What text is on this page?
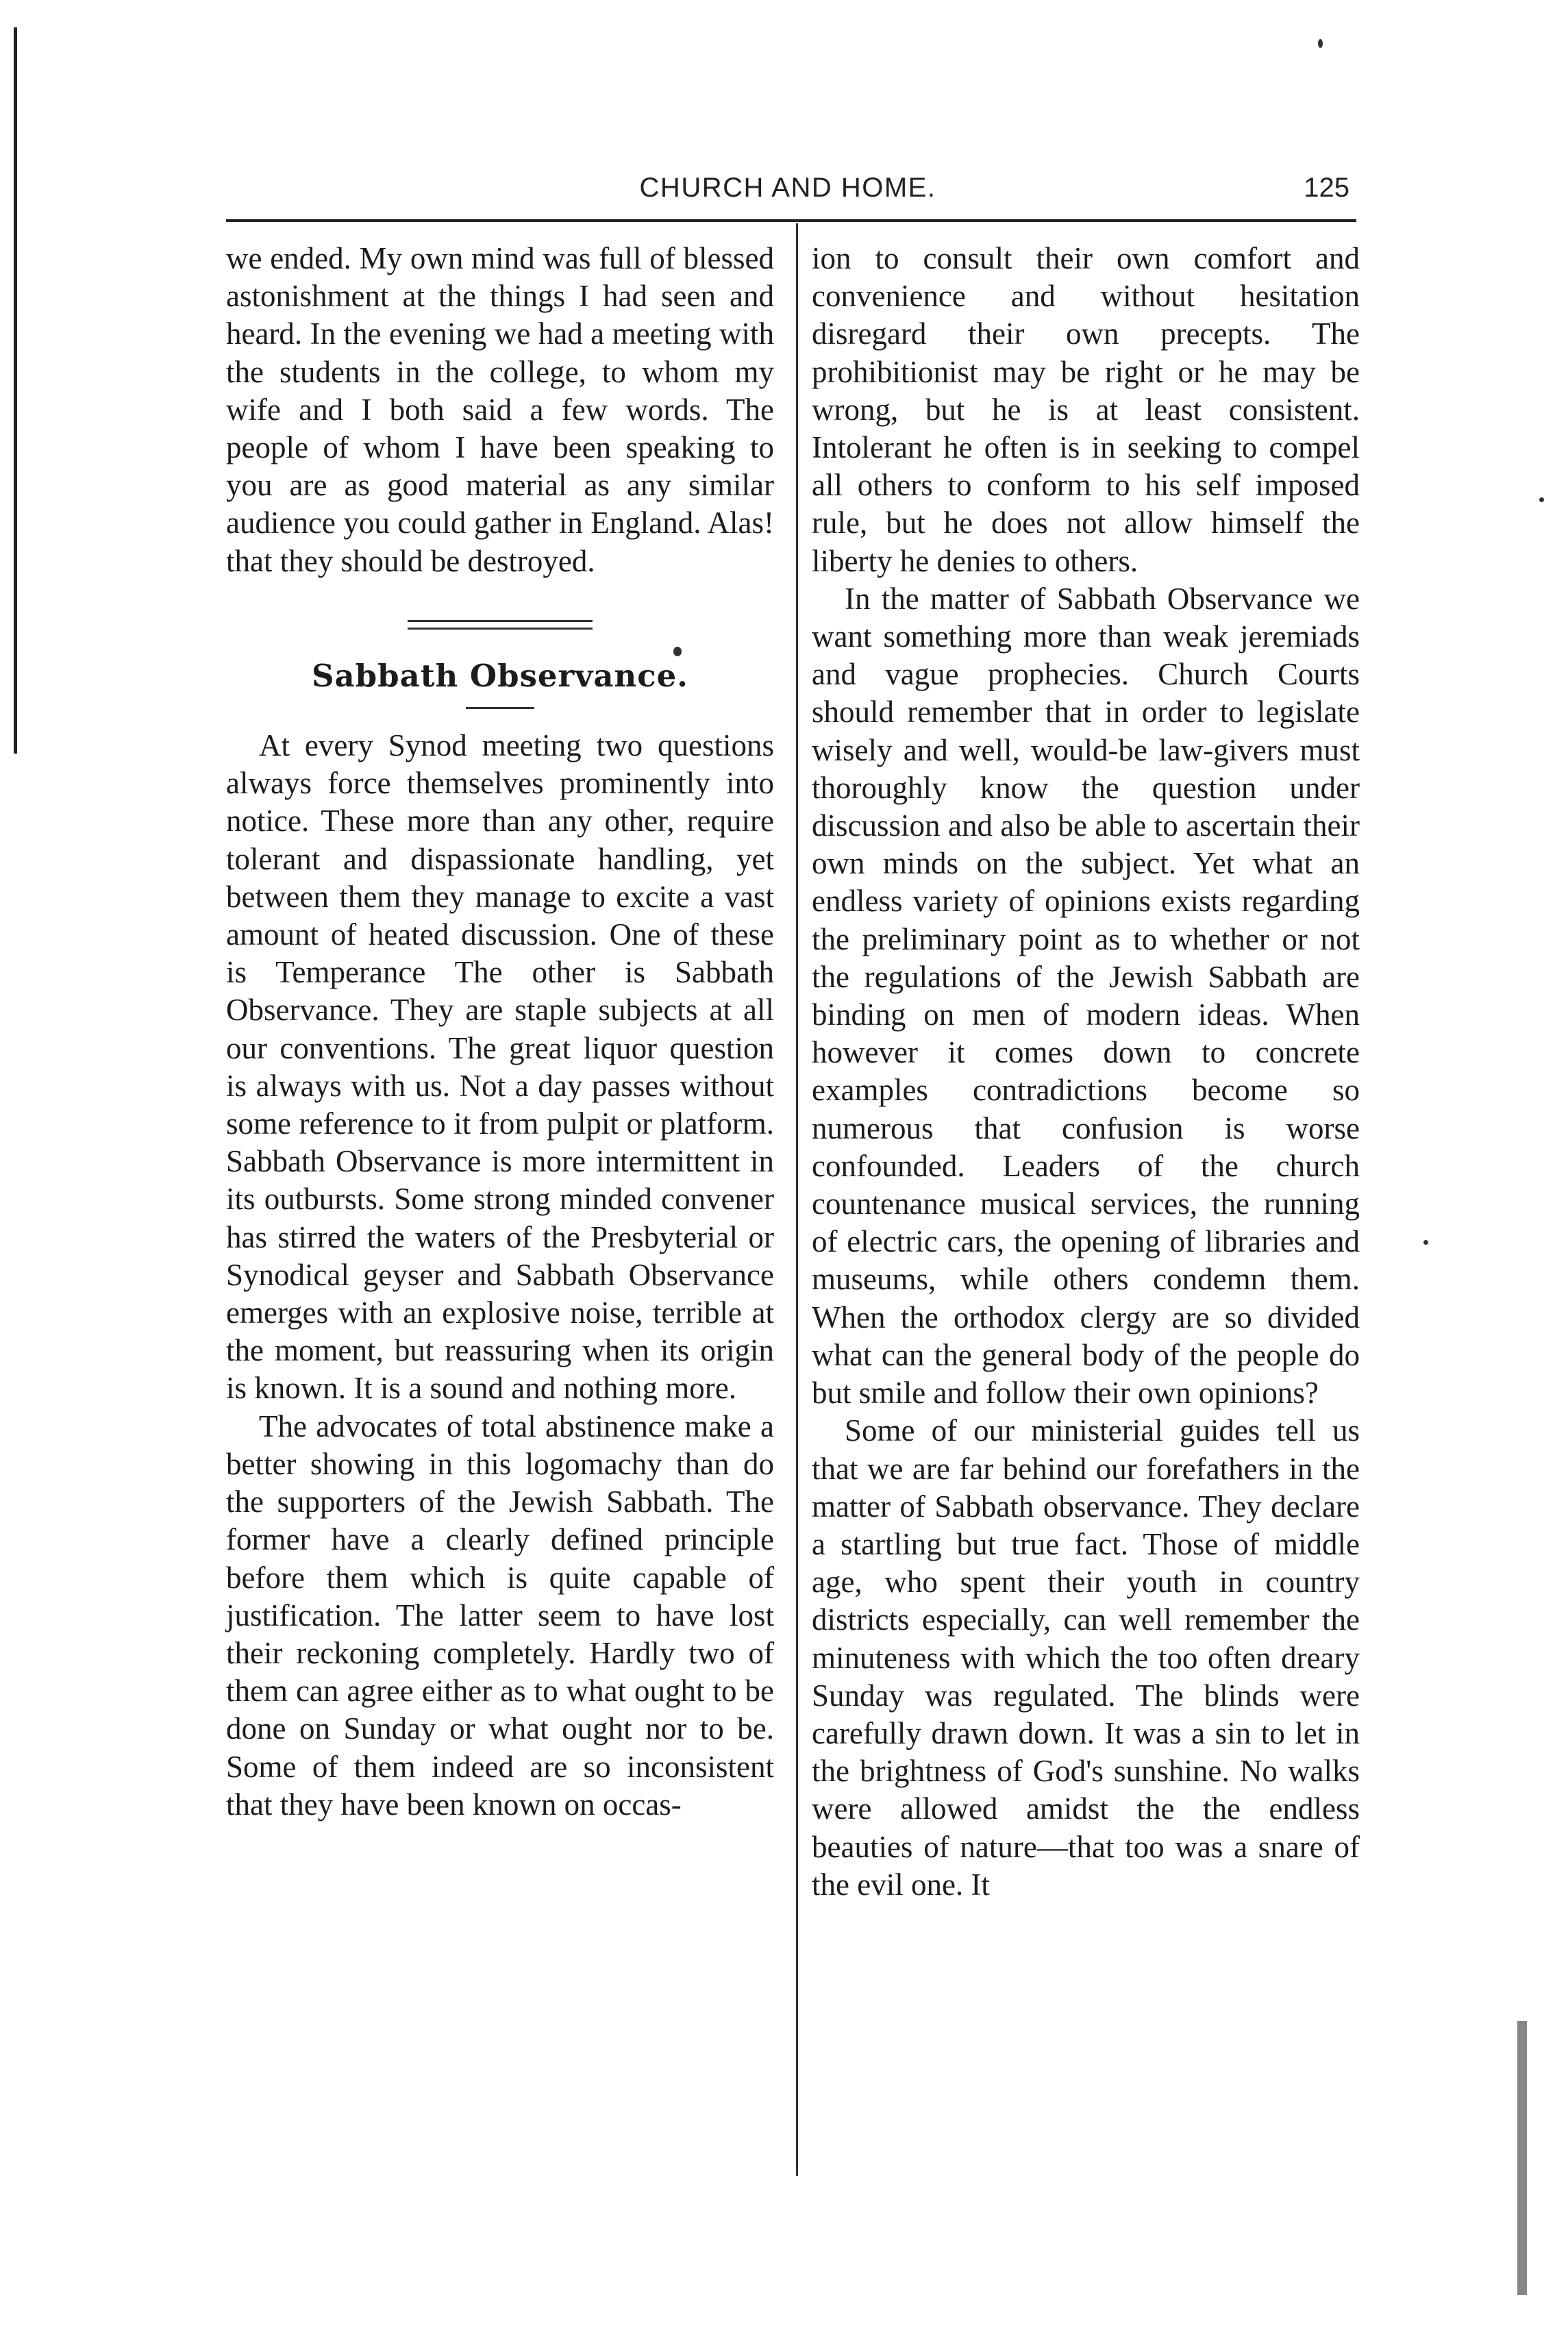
CHURCH AND HOME.	125

we ended. My own mind was full of blessed astonishment at the things I had seen and heard. In the evening we had a meeting with the students in the college, to whom my wife and I both said a few words. The people of whom I have been speaking to you are as good material as any similar audience you could gather in England. Alas! that they should be destroyed.

Sabbath Observance.

At every Synod meeting two questions always force themselves prominently into notice. These more than any other, require tolerant and dispassionate handling, yet between them they manage to excite a vast amount of heated discussion. One of these is Temperance The other is Sabbath Observance. They are staple subjects at all our conventions. The great liquor question is always with us. Not a day passes without some reference to it from pulpit or platform. Sabbath Observance is more intermittent in its outbursts. Some strong minded convener has stirred the waters of the Presbyterial or Synodical geyser and Sabbath Observance emerges with an explosive noise, terrible at the moment, but reassuring when its origin is known. It is a sound and nothing more.

The advocates of total abstinence make a better showing in this logomachy than do the supporters of the Jewish Sabbath. The former have a clearly defined principle before them which is quite capable of justification. The latter seem to have lost their reckoning completely. Hardly two of them can agree either as to what ought to be done on Sunday or what ought nor to be. Some of them indeed are so inconsistent that they have been known on occas-

ion to consult their own comfort and convenience and without hesitation disregard their own precepts. The prohibitionist may be right or he may be wrong, but he is at least consistent. Intolerant he often is in seeking to compel all others to conform to his self imposed rule, but he does not allow himself the liberty he denies to others.

In the matter of Sabbath Observance we want something more than weak jeremiads and vague prophecies. Church Courts should remember that in order to legislate wisely and well, would-be law-givers must thoroughly know the question under discussion and also be able to ascertain their own minds on the subject. Yet what an endless variety of opinions exists regarding the preliminary point as to whether or not the regulations of the Jewish Sabbath are binding on men of modern ideas. When however it comes down to concrete examples contradictions become so numerous that confusion is worse confounded. Leaders of the church countenance musical services, the running of electric cars, the opening of libraries and museums, while others condemn them. When the orthodox clergy are so divided what can the general body of the people do but smile and follow their own opinions?

Some of our ministerial guides tell us that we are far behind our forefathers in the matter of Sabbath observance. They declare a startling but true fact. Those of middle age, who spent their youth in country districts especially, can well remember the minuteness with which the too often dreary Sunday was regulated. The blinds were carefully drawn down. It was a sin to let in the brightness of God's sunshine. No walks were allowed amidst the the endless beauties of nature—that too was a snare of the evil one. It
